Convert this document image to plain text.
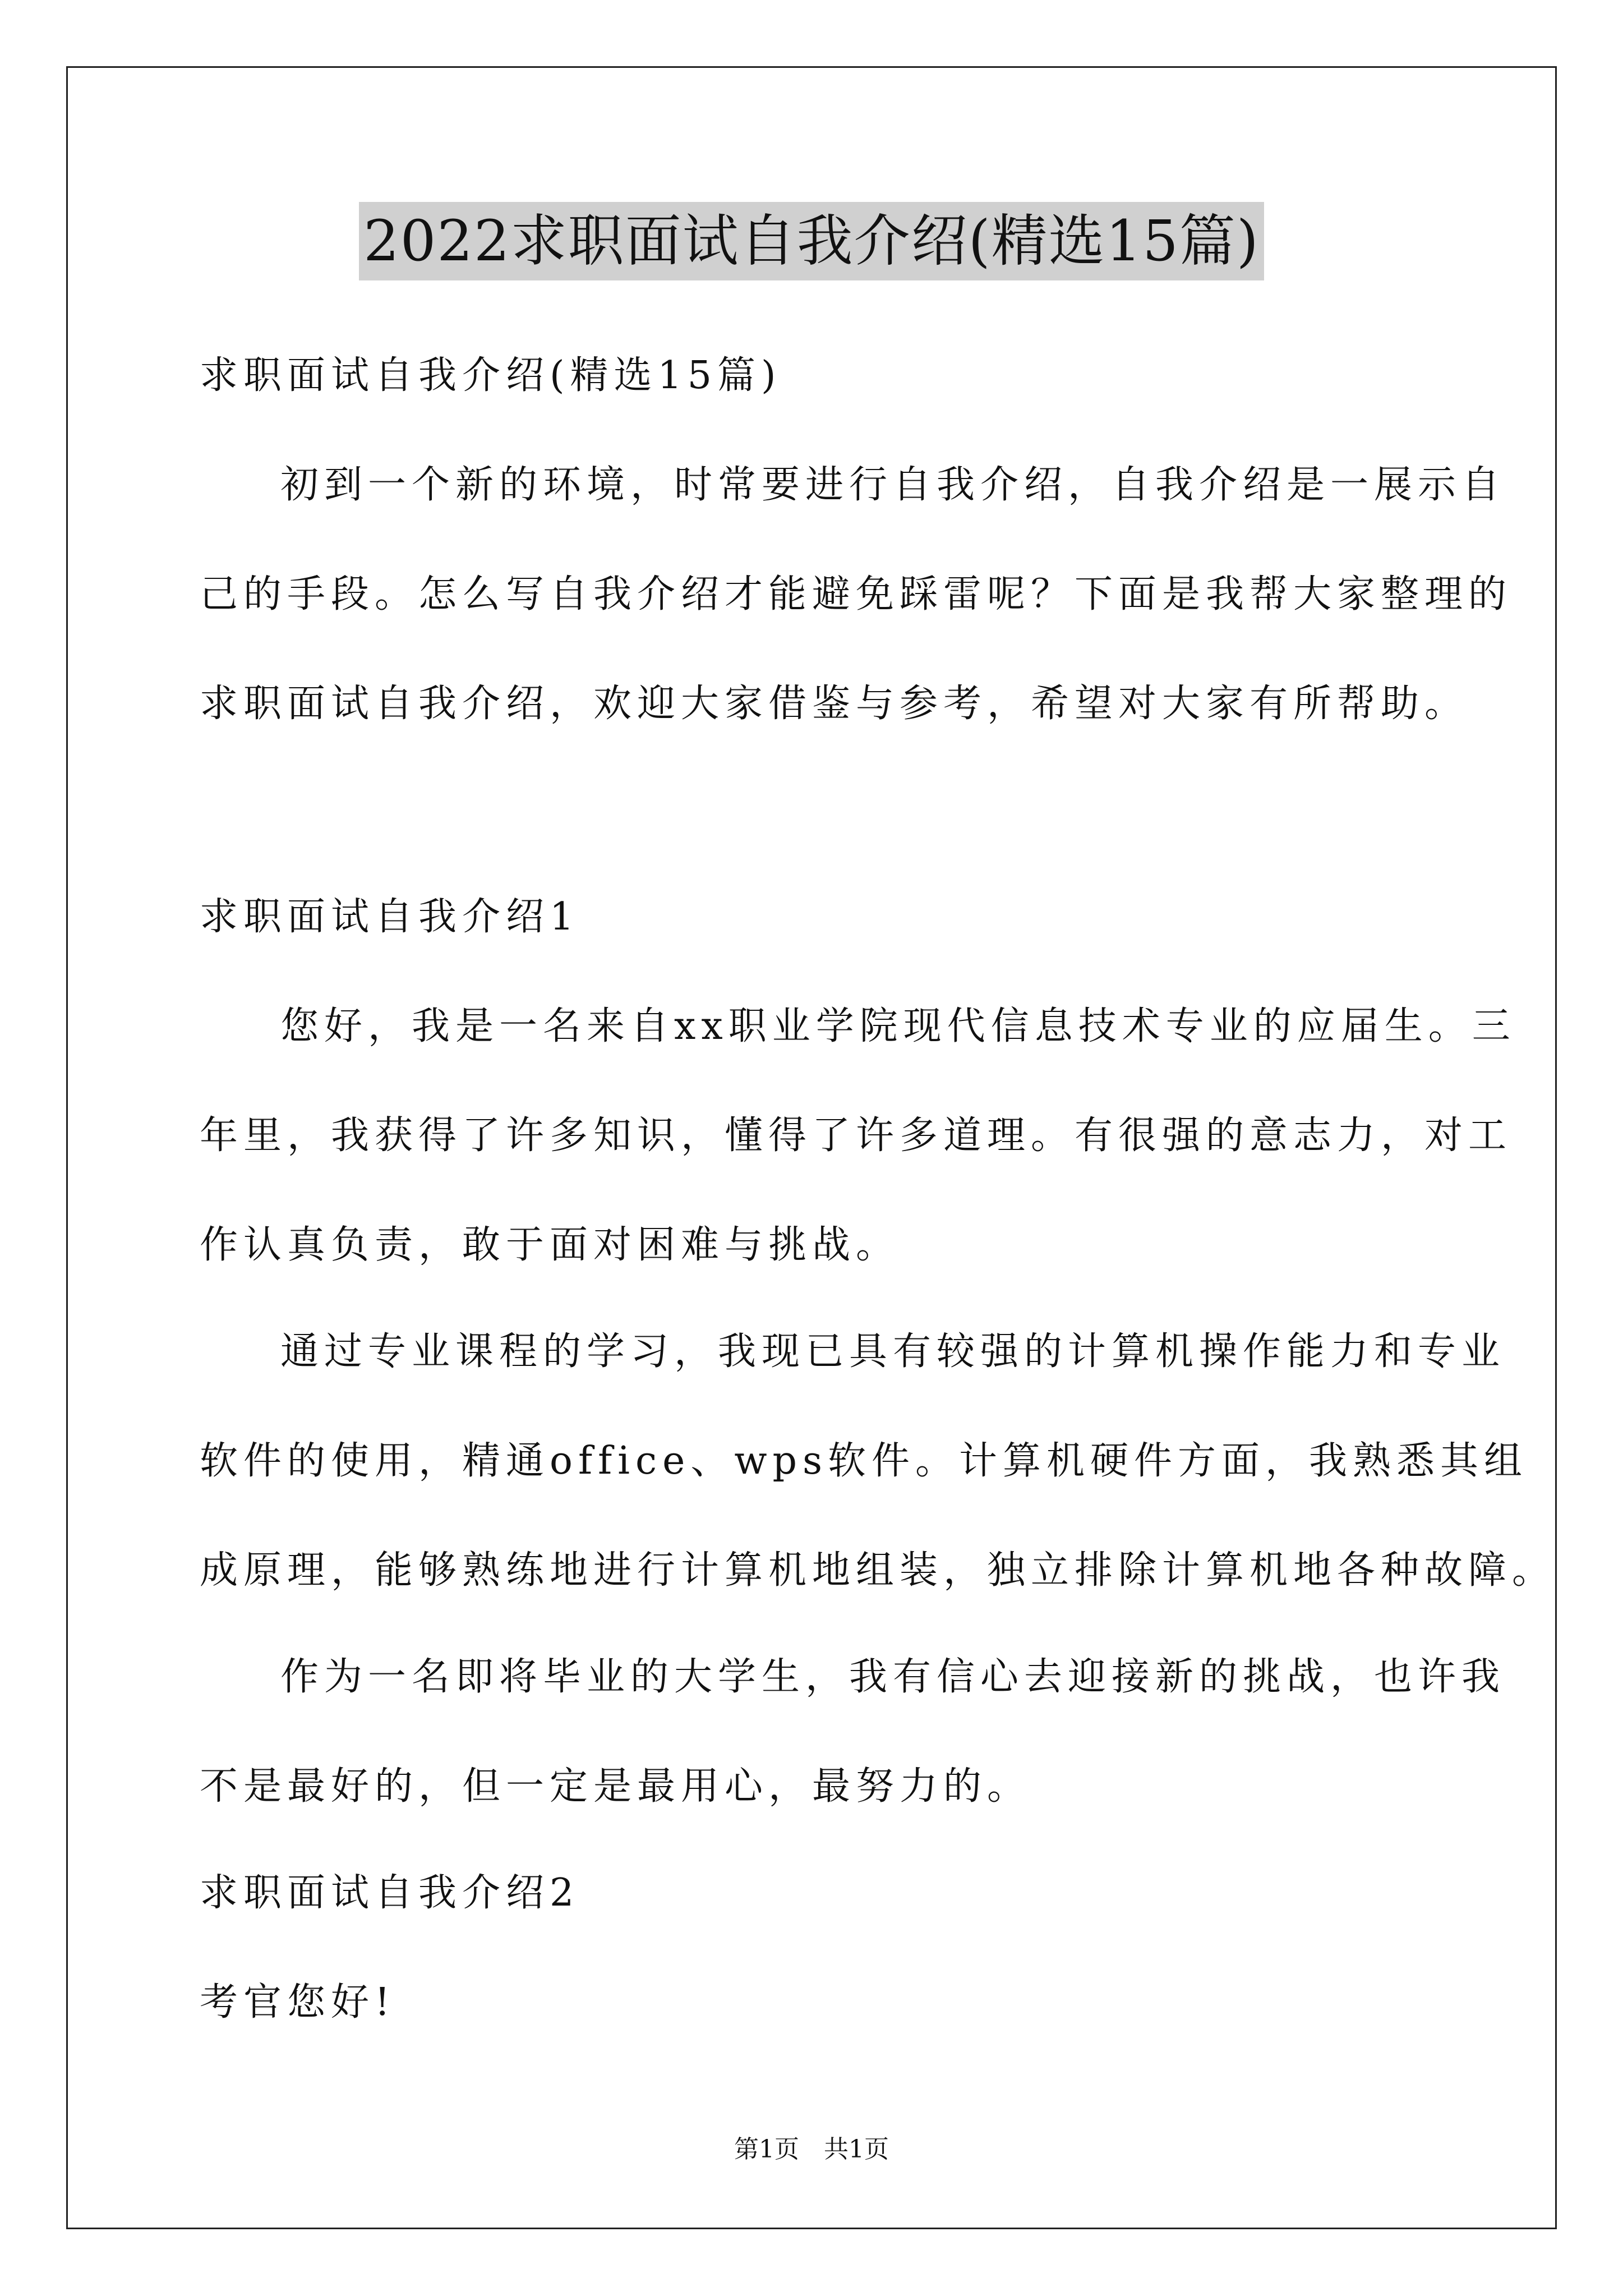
2022求职面试自我介绍(精选15篇)
求职面试自我介绍(精选15篇)
初到一个新的环境，时常要进行自我介绍，自我介绍是一展示自
己的手段。怎么写自我介绍才能避免踩雷呢？下面是我帮大家整理的
求职面试自我介绍，欢迎大家借鉴与参考，希望对大家有所帮助。
求职面试自我介绍1
您好，我是一名来自xx职业学院现代信息技术专业的应届生。三
年里，我获得了许多知识，懂得了许多道理。有很强的意志力，对工
作认真负责，敢于面对困难与挑战。
通过专业课程的学习，我现已具有较强的计算机操作能力和专业
软件的使用，精通office、wps软件。计算机硬件方面，我熟悉其组
成原理，能够熟练地进行计算机地组装，独立排除计算机地各种故障。
作为一名即将毕业的大学生，我有信心去迎接新的挑战，也许我
不是最好的，但一定是最用心，最努力的。
求职面试自我介绍2
考官您好!
第1页　共1页
